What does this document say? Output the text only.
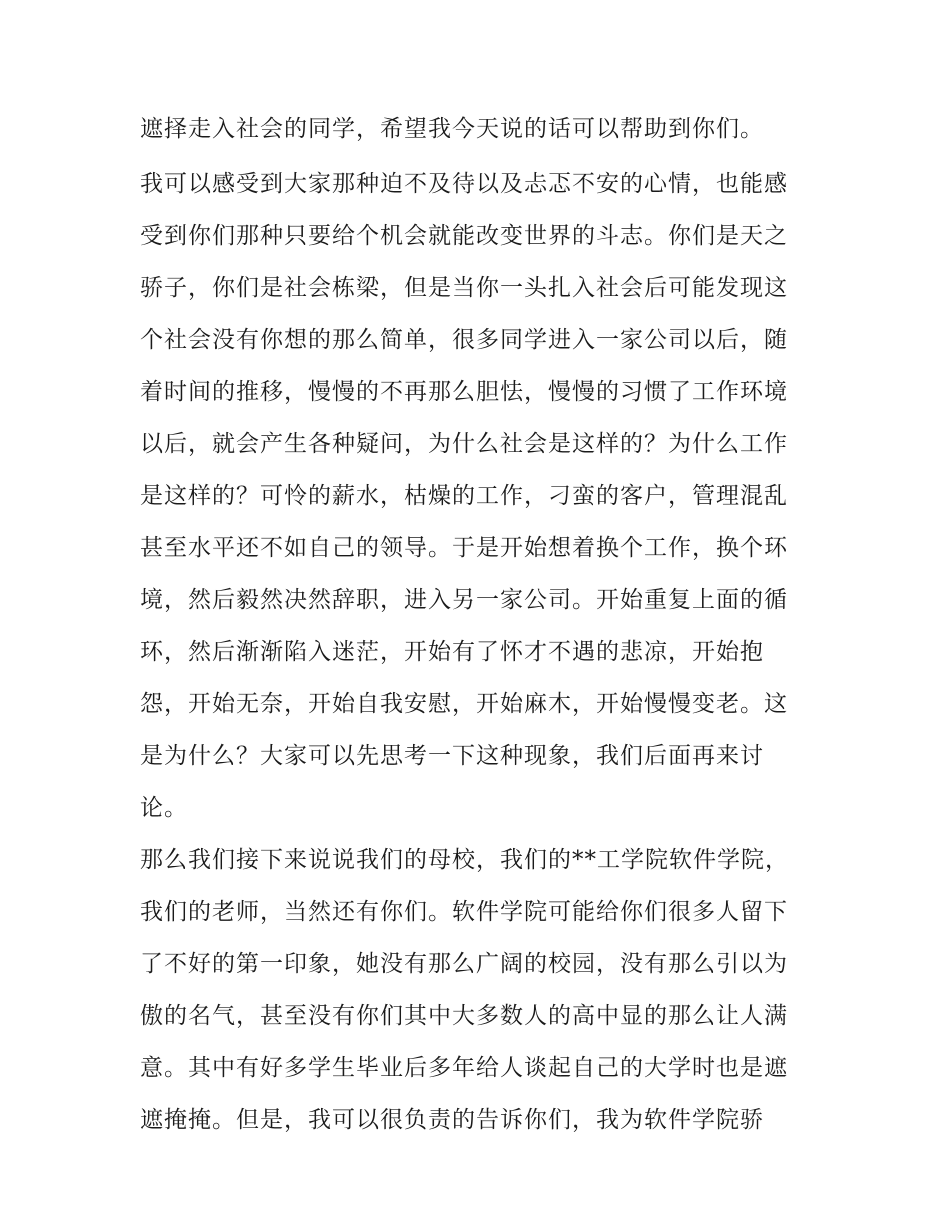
遮择走入社会的同学，希望我今天说的话可以帮助到你们。
我可以感受到大家那种迫不及待以及忐忑不安的心情，也能感
受到你们那种只要给个机会就能改变世界的斗志。你们是天之
骄子，你们是社会栋梁，但是当你一头扎入社会后可能发现这
个社会没有你想的那么简单，很多同学进入一家公司以后，随
着时间的推移，慢慢的不再那么胆怯，慢慢的习惯了工作环境
以后，就会产生各种疑问，为什么社会是这样的？为什么工作
是这样的？可怜的薪水，枯燥的工作，刁蛮的客户，管理混乱
甚至水平还不如自己的领导。于是开始想着换个工作，换个环
境，然后毅然决然辞职，进入另一家公司。开始重复上面的循
环，然后渐渐陷入迷茫，开始有了怀才不遇的悲凉，开始抱
怨，开始无奈，开始自我安慰，开始麻木，开始慢慢变老。这
是为什么？大家可以先思考一下这种现象，我们后面再来讨
论。
那么我们接下来说说我们的母校，我们的**工学院软件学院，
我们的老师，当然还有你们。软件学院可能给你们很多人留下
了不好的第一印象，她没有那么广阔的校园，没有那么引以为
傲的名气，甚至没有你们其中大多数人的高中显的那么让人满
意。其中有好多学生毕业后多年给人谈起自己的大学时也是遮
遮掩掩。但是，我可以很负责的告诉你们，我为软件学院骄
